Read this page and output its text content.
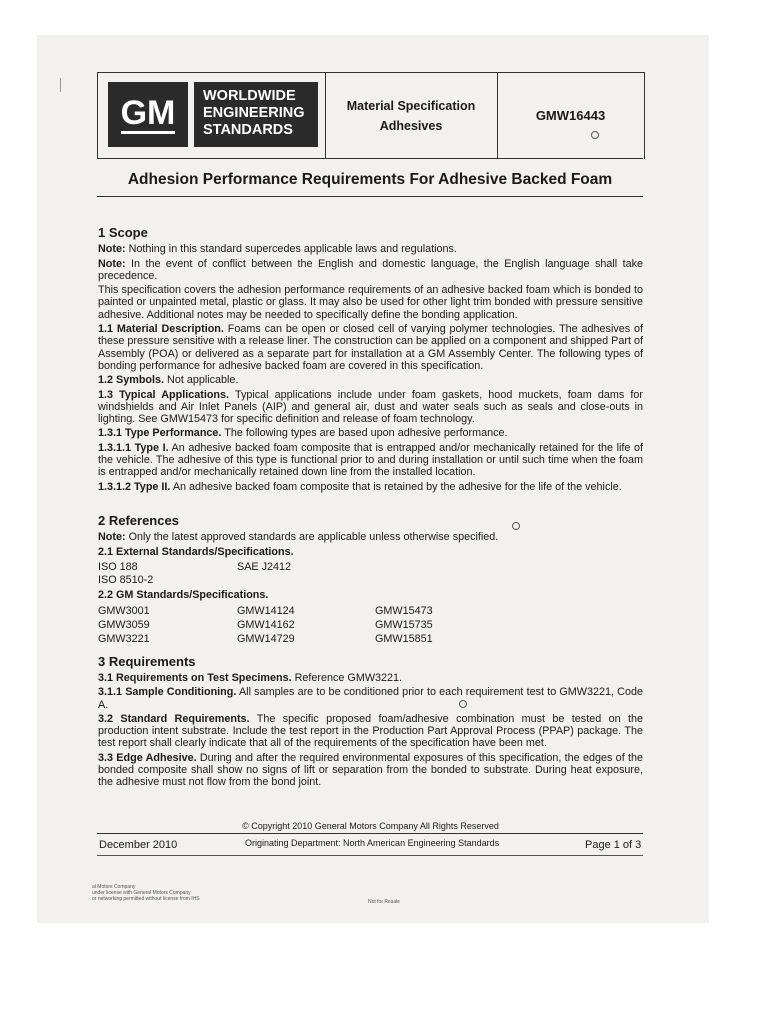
GM WORLDWIDE
ENGINEERING
STANDARDS
Material Specification
Adhesives
GMW16443
Adhesion Performance Requirements For Adhesive Backed Foam
1 Scope

Note: Nothing in this standard supercedes applicable laws and regulations.

Note: In the event of conflict between the English and domestic language, the English language shall take precedence.

This specification covers the adhesion performance requirements of an adhesive backed foam which is bonded to painted or unpainted metal, plastic or glass. It may also be used for other light trim bonded with pressure sensitive adhesive. Additional notes may be needed to specifically define the bonding application.

1.1 Material Description. Foams can be open or closed cell of varying polymer technologies. The adhesives of these pressure sensitive with a release liner. The construction can be applied on a component and shipped Part of Assembly (POA) or delivered as a separate part for installation at a GM Assembly Center. The following types of bonding performance for adhesive backed foam are covered in this specification.

1.2 Symbols. Not applicable.

1.3 Typical Applications. Typical applications include under foam gaskets, hood muckets, foam dams for windshields and Air Inlet Panels (AIP) and general air, dust and water seals such as seals and close-outs in lighting. See GMW15473 for specific definition and release of foam technology.

1.3.1 Type Performance. The following types are based upon adhesive performance.

1.3.1.1 Type I. An adhesive backed foam composite that is entrapped and/or mechanically retained for the life of the vehicle. The adhesive of this type is functional prior to and during installation or until such time when the foam is entrapped and/or mechanically retained down line from the installed location.

1.3.1.2 Type II. An adhesive backed foam composite that is retained by the adhesive for the life of the vehicle.

2 References

Note: Only the latest approved standards are applicable unless otherwise specified.

2.1 External Standards/Specifications.

ISO 188	SAE J2412
ISO 8510-2

2.2 GM Standards/Specifications.

GMW3001	GMW14124	GMW15473
GMW3059	GMW14162	GMW15735
GMW3221	GMW14729	GMW15851
3 Requirements

3.1 Requirements on Test Specimens. Reference GMW3221.

3.1.1 Sample Conditioning. All samples are to be conditioned prior to each requirement test to GMW3221, Code A.

3.2 Standard Requirements. The specific proposed foam/adhesive combination must be tested on the production intent substrate. Include the test report in the Production Part Approval Process (PPAP) package. The test report shall clearly indicate that all of the requirements of the specification have been met.

3.3 Edge Adhesive. During and after the required environmental exposures of this specification, the edges of the bonded composite shall show no signs of lift or separation from the bonded to substrate. During heat exposure, the adhesive must not flow from the bond joint.

© Copyright 2010 General Motors Company All Rights Reserved
December 2010	Originating Department: North American Engineering Standards	Page 1 of 3
al Motors Company
under license with General Motors Company
or networking permitted without license from IHS	Not for Resale
